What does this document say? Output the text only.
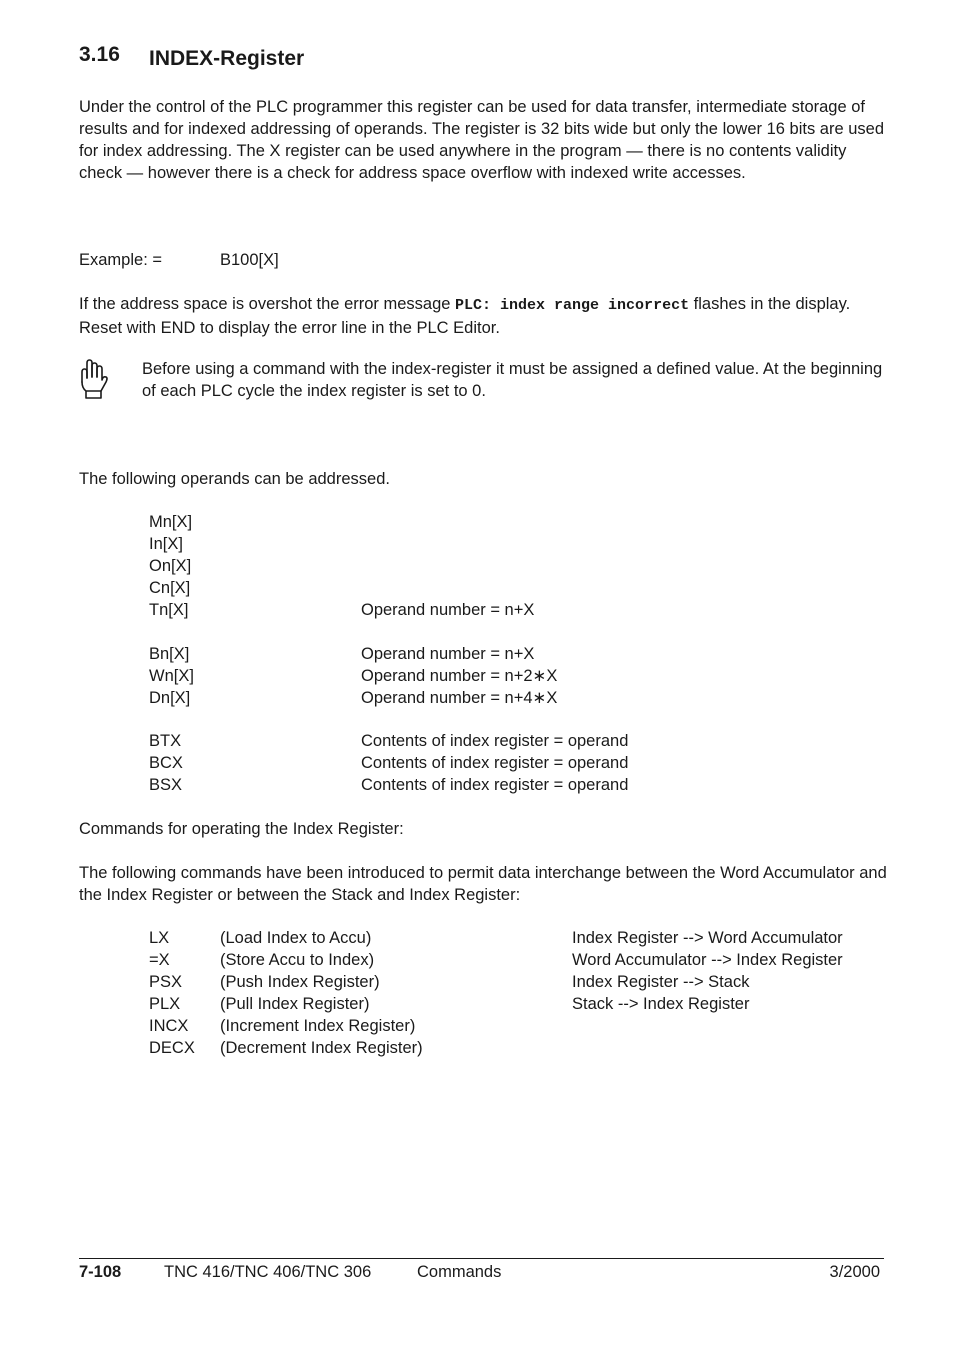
3.16 INDEX-Register
Under the control of the PLC programmer this register can be used for data transfer, intermediate storage of results and for indexed addressing of operands. The register is 32 bits wide but only the lower 16 bits are used for index addressing. The X register can be used anywhere in the program — there is no contents validity check — however there is a check for address space overflow with indexed write accesses.
Example: =	B100[X]
If the address space is overshot the error message PLC: index range incorrect flashes in the display. Reset with END to display the error line in the PLC Editor.
Before using a command with the index-register it must be assigned a defined value. At the beginning of each PLC cycle the index register is set to 0.
The following operands can be addressed.
Mn[X]
In[X]
On[X]
Cn[X]
Tn[X]	Operand number = n+X
Bn[X]	Operand number = n+X
Wn[X]	Operand number = n+2∗X
Dn[X]	Operand number = n+4∗X
BTX	Contents of index register = operand
BCX	Contents of index register = operand
BSX	Contents of index register = operand
Commands for operating the Index Register:
The following commands have been introduced to permit data interchange between the Word Accumulator and the Index Register or between the Stack and Index Register:
LX	(Load Index to Accu)	Index Register --> Word Accumulator
=X	(Store Accu to Index)	Word Accumulator --> Index Register
PSX (Push Index Register)	Index Register --> Stack
PLX (Pull Index Register)	Stack --> Index Register
INCX (Increment Index Register)
DECX (Decrement Index Register)
7-108	TNC 416/TNC 406/TNC 306	Commands	3/2000
